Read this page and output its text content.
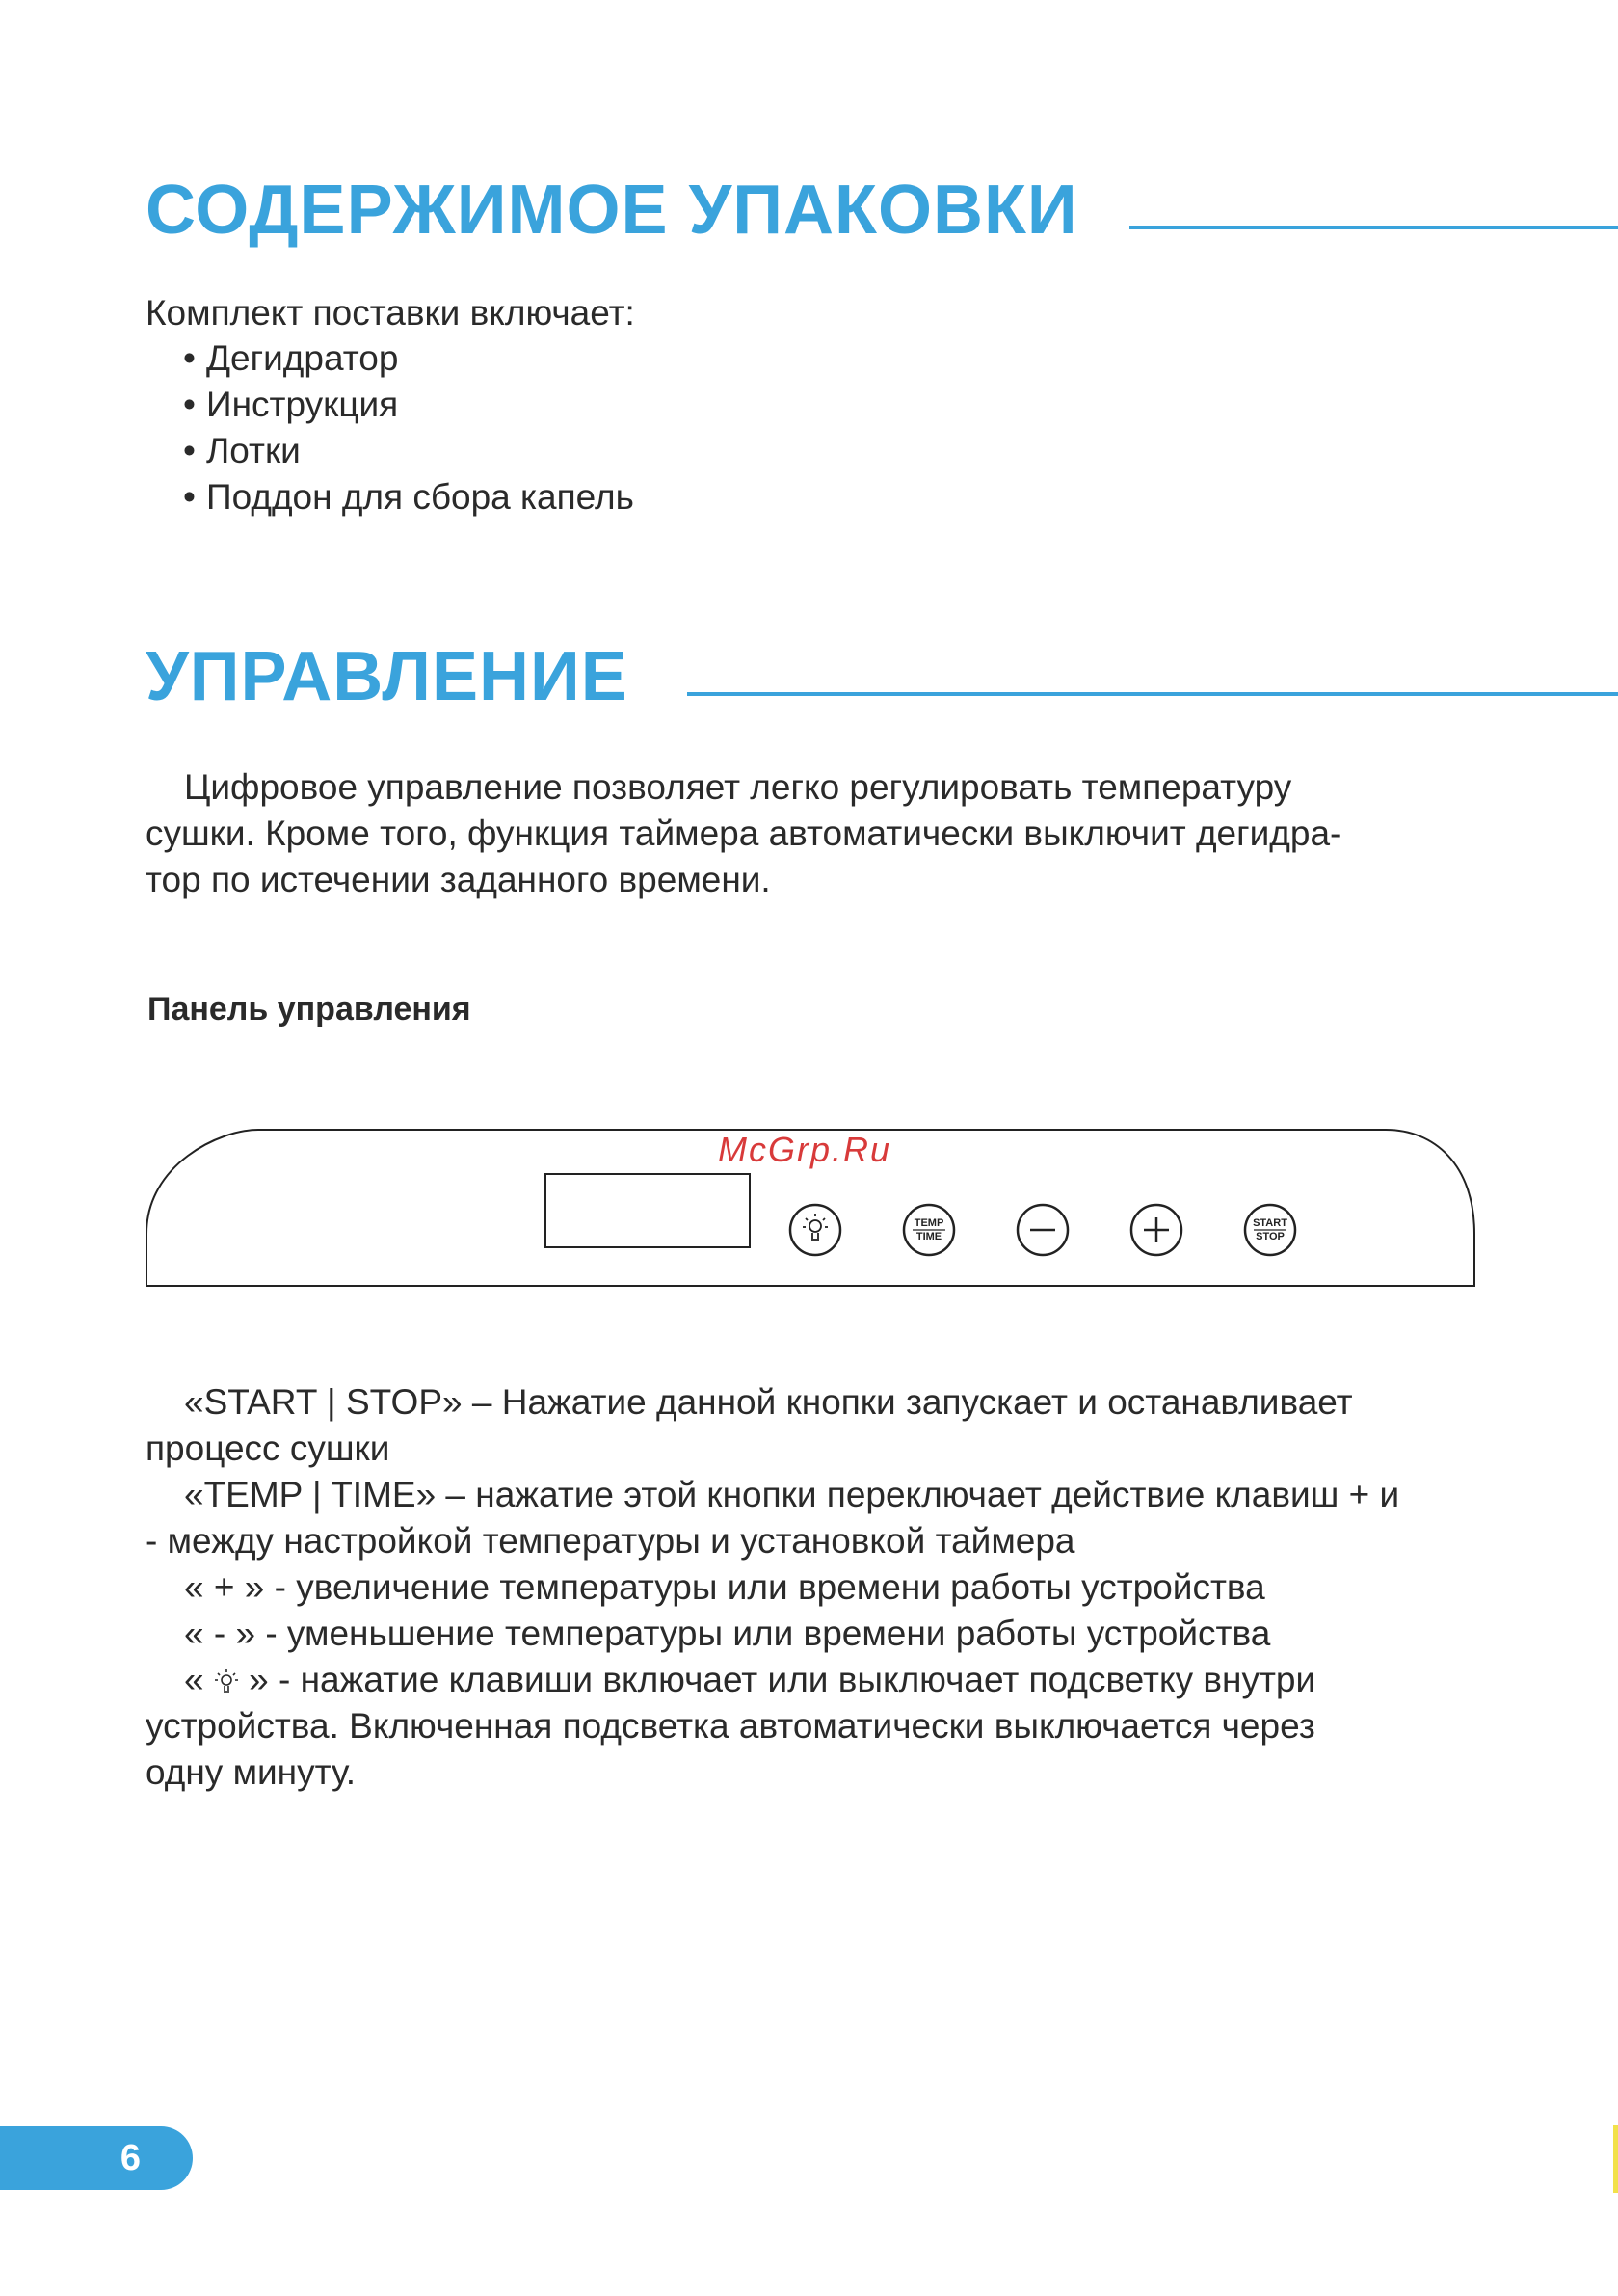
СОДЕРЖИМОЕ УПАКОВКИ
Комплект поставки включает:
• Дегидратор
• Инструкция
• Лотки
• Поддон для сбора капель
УПРАВЛЕНИЕ

Цифровое управление позволяет легко регулировать температуру

сушки. Кроме того, функция таймера автоматически выключит дегидра-

тор по истечении заданного времени.

Панель управления
TEMP
TIME
START
STOP
McGrp.Ru

«START | STOP» – Нажатие данной кнопки запускает и останавливает

процесс сушки

«TEMP | TIME» – нажатие этой кнопки переключает действие клавиш + и

- между настройкой температуры и установкой таймера

« + » - увеличение температуры или времени работы устройства

« - » - уменьшение температуры или времени работы устройства

«  » - нажатие клавиши включает или выключает подсветку внутри

устройства. Включенная подсветка автоматически выключается через

одну минуту.

6
